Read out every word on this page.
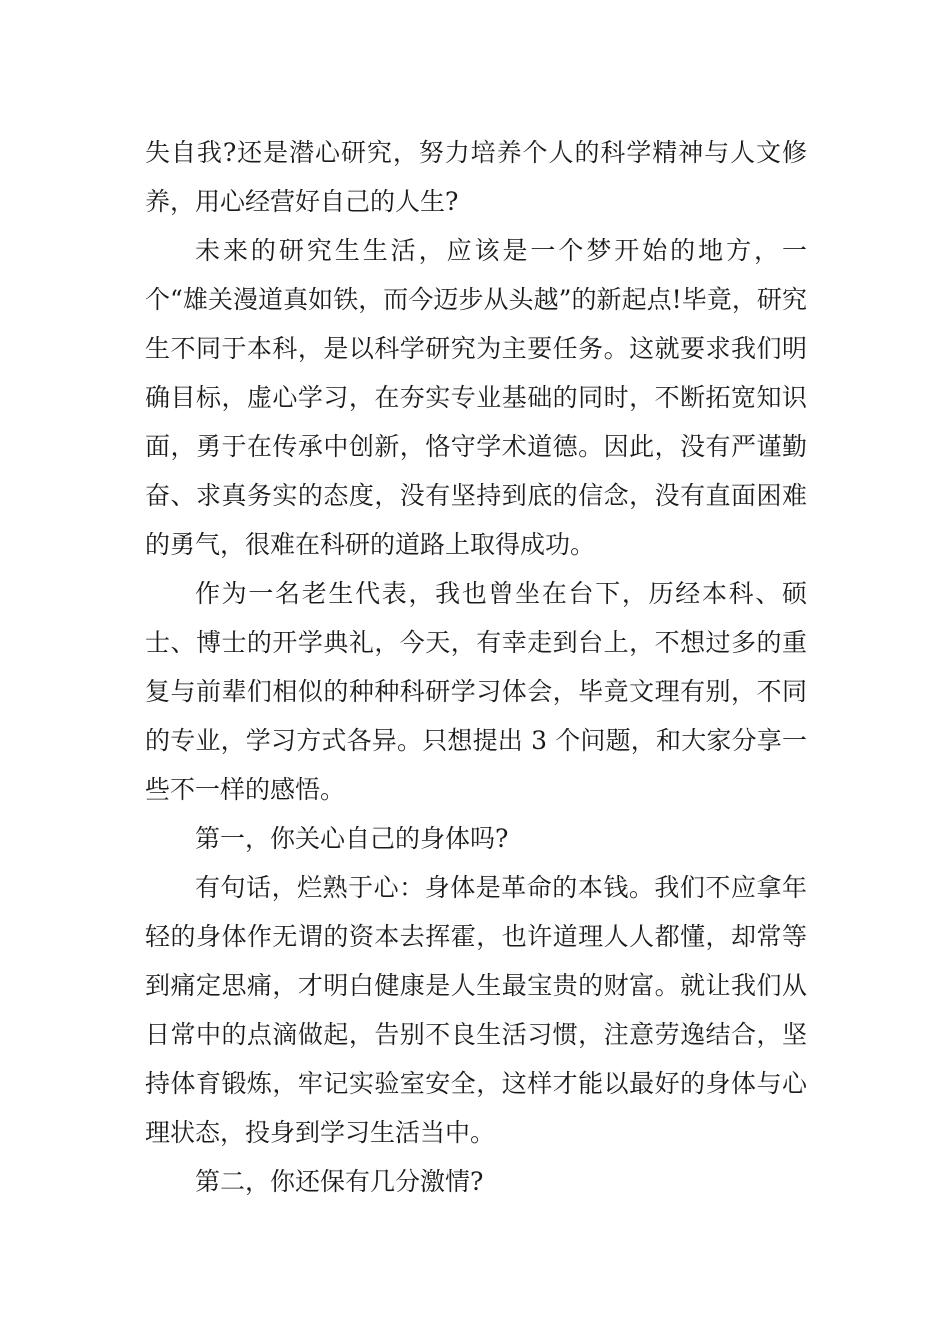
失自我?还是潜心研究，努力培养个人的科学精神与人文修养，用心经营好自己的人生?

未来的研究生生活，应该是一个梦开始的地方，一个“雄关漫道真如铁，而今迈步从头越”的新起点!毕竟，研究生不同于本科，是以科学研究为主要任务。这就要求我们明确目标，虚心学习，在夯实专业基础的同时，不断拓宽知识面，勇于在传承中创新，恪守学术道德。因此，没有严谨勤奋、求真务实的态度，没有坚持到底的信念，没有直面困难的勇气，很难在科研的道路上取得成功。

作为一名老生代表，我也曾坐在台下，历经本科、硕士、博士的开学典礼，今天，有幸走到台上，不想过多的重复与前辈们相似的种种科研学习体会，毕竟文理有别，不同的专业，学习方式各异。只想提出 3 个问题，和大家分享一些不一样的感悟。

第一，你关心自己的身体吗?

有句话，烂熟于心：身体是革命的本钱。我们不应拿年轻的身体作无谓的资本去挥霍，也许道理人人都懂，却常等到痛定思痛，才明白健康是人生最宝贵的财富。就让我们从日常中的点滴做起，告别不良生活习惯，注意劳逸结合，坚持体育锻炼，牢记实验室安全，这样才能以最好的身体与心理状态，投身到学习生活当中。

第二，你还保有几分激情?
